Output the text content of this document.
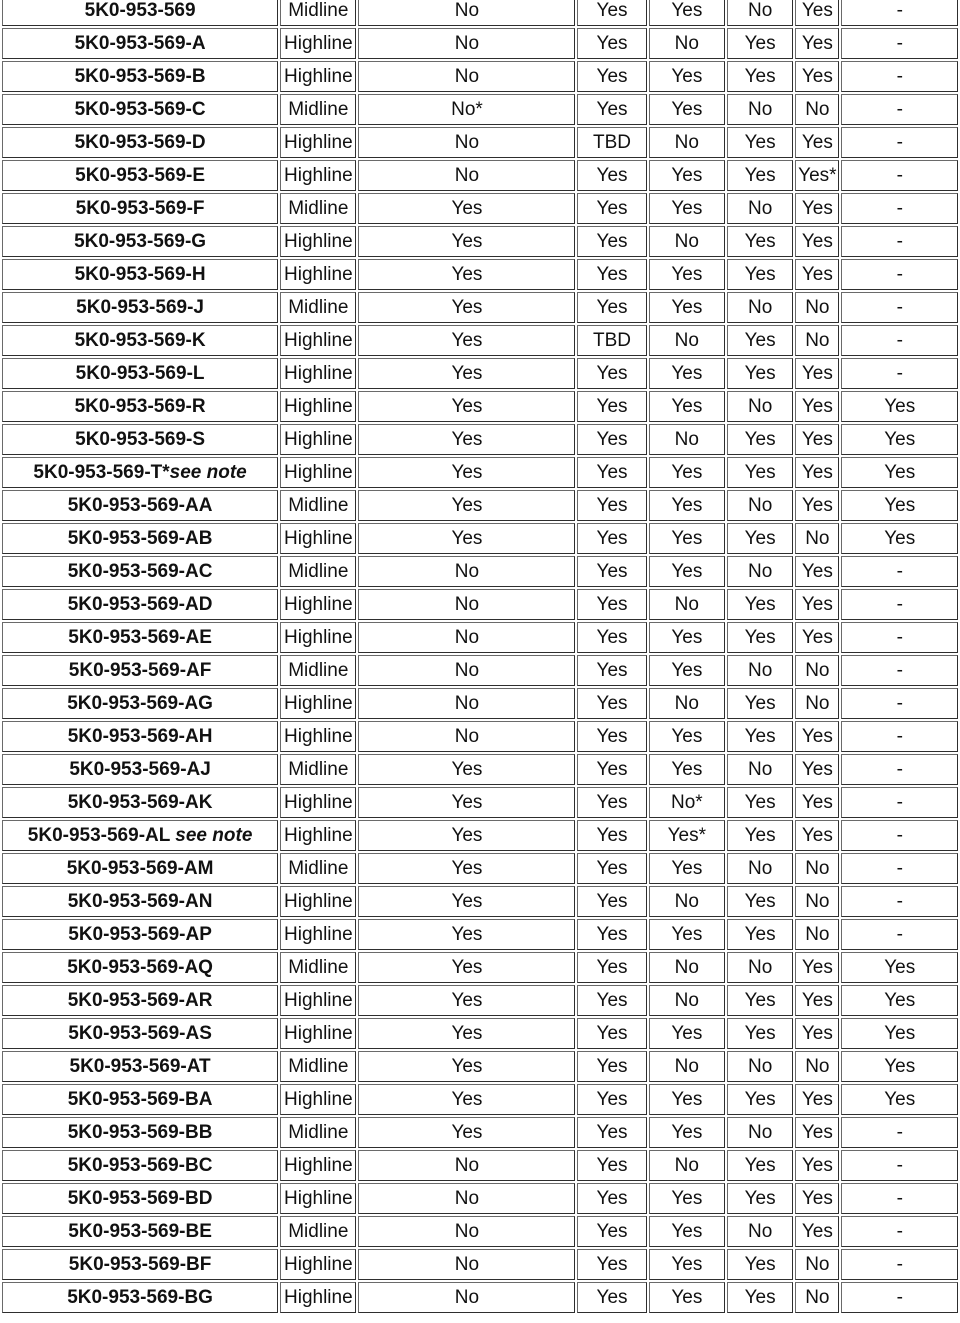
5K0-953-569	Midline	No	Yes	Yes	No	Yes	-
5K0-953-569-A	Highline	No	Yes	No	Yes	Yes	-
5K0-953-569-B	Highline	No	Yes	Yes	Yes	Yes	-
5K0-953-569-C	Midline	No*	Yes	Yes	No	No	-
5K0-953-569-D	Highline	No	TBD	No	Yes	Yes	-
5K0-953-569-E	Highline	No	Yes	Yes	Yes	Yes*	-
5K0-953-569-F	Midline	Yes	Yes	Yes	No	Yes	-
5K0-953-569-G	Highline	Yes	Yes	No	Yes	Yes	-
5K0-953-569-H	Highline	Yes	Yes	Yes	Yes	Yes	-
5K0-953-569-J	Midline	Yes	Yes	Yes	No	No	-
5K0-953-569-K	Highline	Yes	TBD	No	Yes	No	-
5K0-953-569-L	Highline	Yes	Yes	Yes	Yes	Yes	-
5K0-953-569-R	Highline	Yes	Yes	Yes	No	Yes	Yes
5K0-953-569-S	Highline	Yes	Yes	No	Yes	Yes	Yes
5K0-953-569-T*see note	Highline	Yes	Yes	Yes	Yes	Yes	Yes
5K0-953-569-AA	Midline	Yes	Yes	Yes	No	Yes	Yes
5K0-953-569-AB	Highline	Yes	Yes	Yes	Yes	No	Yes
5K0-953-569-AC	Midline	No	Yes	Yes	No	Yes	-
5K0-953-569-AD	Highline	No	Yes	No	Yes	Yes	-
5K0-953-569-AE	Highline	No	Yes	Yes	Yes	Yes	-
5K0-953-569-AF	Midline	No	Yes	Yes	No	No	-
5K0-953-569-AG	Highline	No	Yes	No	Yes	No	-
5K0-953-569-AH	Highline	No	Yes	Yes	Yes	Yes	-
5K0-953-569-AJ	Midline	Yes	Yes	Yes	No	Yes	-
5K0-953-569-AK	Highline	Yes	Yes	No*	Yes	Yes	-
5K0-953-569-AL see note	Highline	Yes	Yes	Yes*	Yes	Yes	-
5K0-953-569-AM	Midline	Yes	Yes	Yes	No	No	-
5K0-953-569-AN	Highline	Yes	Yes	No	Yes	No	-
5K0-953-569-AP	Highline	Yes	Yes	Yes	Yes	No	-
5K0-953-569-AQ	Midline	Yes	Yes	No	No	Yes	Yes
5K0-953-569-AR	Highline	Yes	Yes	No	Yes	Yes	Yes
5K0-953-569-AS	Highline	Yes	Yes	Yes	Yes	Yes	Yes
5K0-953-569-AT	Midline	Yes	Yes	No	No	No	Yes
5K0-953-569-BA	Highline	Yes	Yes	Yes	Yes	Yes	Yes
5K0-953-569-BB	Midline	Yes	Yes	Yes	No	Yes	-
5K0-953-569-BC	Highline	No	Yes	No	Yes	Yes	-
5K0-953-569-BD	Highline	No	Yes	Yes	Yes	Yes	-
5K0-953-569-BE	Midline	No	Yes	Yes	No	Yes	-
5K0-953-569-BF	Highline	No	Yes	Yes	Yes	No	-
5K0-953-569-BG	Highline	No	Yes	Yes	Yes	No	-
